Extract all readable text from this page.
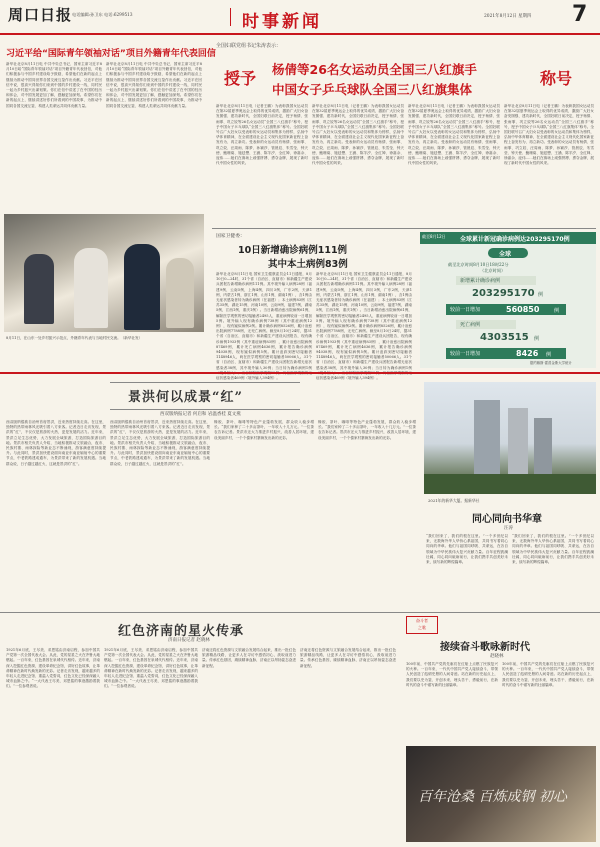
周口日报 电话编辑:孙卫东 电话:6299513	时事新闻	2021年8月12日 星期四 7
习近平给“国际青年领袖对话”项目外籍青年代表回信
新华社北京8月11日电 中共中央总书记、国家主席习近平8月10日给“国际青年领袖对话”项目外籍青年代表回信，对他们积极参与中国乡村建设给予鼓励，希望他们在新的起点上继续为推动中国同世界各国交流互鉴作出贡献。习近平在回信中说，很高兴得知你们来到中国的乡村建设一线，同村民一起为乡村振兴出谋划策。你们在信中讲述了在中国的经历和体会，对中国发展更加了解，感触更加深刻。希望你们在新的起点上，继续讲述好你们所看到的中国故事，为推动中国同各国交流互鉴、构建人类命运共同体贡献力量。
新华社北京8月11日电 中共中央总书记、国家主席习近平8月10日给“国际青年领袖对话”项目外籍青年代表回信，对他们积极参与中国乡村建设给予鼓励，希望他们在新的起点上继续为推动中国同世界各国交流互鉴作出贡献。习近平在回信中说，很高兴得知你们来到中国的乡村建设一线，同村民一起为乡村振兴出谋划策。你们在信中讲述了在中国的经历和体会，对中国发展更加了解，感触更加深刻。希望你们在新的起点上，继续讲述好你们所看到的中国故事，为推动中国同各国交流互鉴、构建人类命运共同体贡献力量。
8月11日，在山东一处乡村振兴示范点，外籍青年代表与当地村民交流。（新华社发）
全国妇联党组书记朱涛表示：
授予 杨倩等26名女运动员全国三八红旗手
中国女子乒乓球队全国三八红旗集体
称号
新华社北京8月11日电（记者王鹏）为表彰我国女运动员在第32届夏季奥运会上取得的优异成绩，激励广大妇女奋发图强、建功新时代，全国妇联日前决定，授予杨倩、张雨霏、巩立姣等26名女运动员“全国三八红旗手”称号，授予中国女子乒乓球队“全国三八红旗集体”称号。全国妇联号召广大妇女以受表彰的女运动员和集体为榜样，弘扬中华体育精神，在全面建设社会主义现代化国家新征程上奋发有为、再立新功。受表彰的女运动员有杨倩、张雨霏、巩立姣、汪周雨、陈梦、孙颖莎、管晨辰、朱雪莹、钟天使、鲍珊菊、施廷懋、王涵、陈芋汐、全红婵、徐嘉余、庞伟……她们在赛场上顽强拼搏、勇夺金牌，展现了新时代中国女性的风采。
新华社北京8月11日电（记者王鹏）为表彰我国女运动员在第32届夏季奥运会上取得的优异成绩，激励广大妇女奋发图强、建功新时代，全国妇联日前决定，授予杨倩、张雨霏、巩立姣等26名女运动员“全国三八红旗手”称号，授予中国女子乒乓球队“全国三八红旗集体”称号。全国妇联号召广大妇女以受表彰的女运动员和集体为榜样，弘扬中华体育精神，在全面建设社会主义现代化国家新征程上奋发有为、再立新功。受表彰的女运动员有杨倩、张雨霏、巩立姣、汪周雨、陈梦、孙颖莎、管晨辰、朱雪莹、钟天使、鲍珊菊、施廷懋、王涵、陈芋汐、全红婵、徐嘉余、庞伟……她们在赛场上顽强拼搏、勇夺金牌，展现了新时代中国女性的风采。
新华社北京8月11日电（记者王鹏）为表彰我国女运动员在第32届夏季奥运会上取得的优异成绩，激励广大妇女奋发图强、建功新时代，全国妇联日前决定，授予杨倩、张雨霏、巩立姣等26名女运动员“全国三八红旗手”称号，授予中国女子乒乓球队“全国三八红旗集体”称号。全国妇联号召广大妇女以受表彰的女运动员和集体为榜样，弘扬中华体育精神，在全面建设社会主义现代化国家新征程上奋发有为、再立新功。受表彰的女运动员有杨倩、张雨霏、巩立姣、汪周雨、陈梦、孙颖莎、管晨辰、朱雪莹、钟天使、鲍珊菊、施廷懋、王涵、陈芋汐、全红婵、徐嘉余、庞伟……她们在赛场上顽强拼搏、勇夺金牌，展现了新时代中国女性的风采。
新华社北京8月11日电（记者王鹏）为表彰我国女运动员在第32届夏季奥运会上取得的优异成绩，激励广大妇女奋发图强、建功新时代，全国妇联日前决定，授予杨倩、张雨霏、巩立姣等26名女运动员“全国三八红旗手”称号，授予中国女子乒乓球队“全国三八红旗集体”称号。全国妇联号召广大妇女以受表彰的女运动员和集体为榜样，弘扬中华体育精神，在全面建设社会主义现代化国家新征程上奋发有为、再立新功。受表彰的女运动员有杨倩、张雨霏、巩立姣、汪周雨、陈梦、孙颖莎、管晨辰、朱雪莹、钟天使、鲍珊菊、施廷懋、王涵、陈芋汐、全红婵、徐嘉余、庞伟……她们在赛场上顽强拼搏、勇夺金牌，展现了新时代中国女性的风采。
国家卫健委：
10日新增确诊病例111例
其中本土病例83例
新华社北京8月11日电 国家卫生健康委员会11日通报，8月10日0—24时，31个省（自治区、直辖市）和新疆生产建设兵团报告新增确诊病例111例。其中境外输入病例28例（福建9例，云南5例，上海4例，四川3例，广东2例，天津1例，内蒙古1例，浙江1例，山东1例，湖南1例），含1例由无症状感染者转为确诊病例（在福建）；本土病例83例（江苏35例，湖北15例，河南10例，云南9例，福建7例，湖南5例，江西1例，重庆1例）。当日新增治愈出院病例61例，解除医学观察的密切接触者2495人，重症病例较前一日增加5例。境外输入现有确诊病例738例（其中重症病例12例），现有疑似病例2例。累计确诊病例8526例，累计治愈出院病例7788例，无死亡病例。截至8月10日24时，据31个省（自治区、直辖市）和新疆生产建设兵团报告，现有确诊病例1933例（其中重症病例83例），累计治愈出院病例87469例，累计死亡病例4636例，累计报告确诊病例94038例，现有疑似病例5例。累计追踪到密切接触者1148946人，尚在医学观察的密切接触者50066人。31个省（自治区、直辖市）和新疆生产建设兵团报告新增无症状感染者38例，其中境外输入30例；当日转为确诊病例1例 症状感染者469例（境外输入394例）。
新华社北京8月11日电 国家卫生健康委员会11日通报，8月10日0—24时，31个省（自治区、直辖市）和新疆生产建设兵团报告新增确诊病例111例。其中境外输入病例28例（福建9例，云南5例，上海4例，四川3例，广东2例，天津1例，内蒙古1例，浙江1例，山东1例，湖南1例），含1例由无症状感染者转为确诊病例（在福建）；本土病例83例（江苏35例，湖北15例，河南10例，云南9例，福建7例，湖南5例，江西1例，重庆1例）。当日新增治愈出院病例61例，解除医学观察的密切接触者2495人，重症病例较前一日增加5例。境外输入现有确诊病例738例（其中重症病例12例），现有疑似病例2例。累计确诊病例8526例，累计治愈出院病例7788例，无死亡病例。截至8月10日24时，据31个省（自治区、直辖市）和新疆生产建设兵团报告，现有确诊病例1933例（其中重症病例83例），累计治愈出院病例87469例，累计死亡病例4636例，累计报告确诊病例94038例，现有疑似病例5例。累计追踪到密切接触者1148946人，尚在医学观察的密切接触者50066人。31个省（自治区、直辖市）和新疆生产建设兵团报告新增无症状感染者38例，其中境外输入30例；当日转为确诊病例1例 症状感染者469例（境外输入394例）。
截至8月12日 全球累计新冠确诊病例达203295170例
全球
截至北京时间8月10日18时22分
（北京时间）
新增累计确诊病例
203295170 例
较前一日增加	560850	例
死亡病例
4303515 例
较前一日增加	8426 例
据约翰斯·霍普金斯大学统计
景洪何以成景“红”
西双版纳报记者 何启和 岩温香桂 夏文燕
西双版纳傣族自治州首府景洪，近来热度持续走高。在这里，独特的热带雨林风光吸引着八方来客。记者近日走访发现，景洪的“红”，不仅仅是旅游的火热，更是发展的活力。近年来，景洪立足生态优势，大力发展全域旅游，打造国际旅游目的地。景洪市相关负责人介绍，当地积极推动文旅融合，夜市、民族村寨、雨林探险等新业态不断涌现，游客满意度持续提升。与此同时，景洪加快建设面向南亚东南亚辐射中心的重要节点，中老铁路建成通车，为景洪带来了新的发展机遇。当地群众说，日子越过越红火，这就是景洪的“红”。
西双版纳傣族自治州首府景洪，近来热度持续走高。在这里，独特的热带雨林风光吸引着八方来客。记者近日走访发现，景洪的“红”，不仅仅是旅游的火热，更是发展的活力。近年来，景洪立足生态优势，大力发展全域旅游，打造国际旅游目的地。景洪市相关负责人介绍，当地积极推动文旅融合，夜市、民族村寨、雨林探险等新业态不断涌现，游客满意度持续提升。与此同时，景洪加快建设面向南亚东南亚辐射中心的重要节点，中老铁路建成通车，为景洪带来了新的发展机遇。当地群众说，日子越过越红火，这就是景洪的“红”。
橡胶、茶叶、咖啡等特色产业蓬勃发展，群众收入稳步增长。“我们家种了二十多亩茶叶，一年收入十几万元。”一位茶农告诉记者。景洪市还大力推进乡村振兴，改善人居环境，建设美丽乡村，一个个傣家村寨焕发出新的光彩。
橡胶、茶叶、咖啡等特色产业蓬勃发展，群众收入稳步增长。“我们家种了二十多亩茶叶，一年收入十几万元。”一位茶农告诉记者。景洪市还大力推进乡村振兴，改善人居环境，建设美丽乡村，一个个傣家村寨焕发出新的光彩。
2021年的新华大厦。据新华社
同心同向书华章
汪涛
“我们回来了，我们的根在这里。”一个多世纪以来，无数海外华人华侨心系祖国，共同书写着同心同向的华章。他们与祖国同呼吸、共命运，在各自领域为中华民族伟大复兴贡献力量。百年征程波澜壮阔，同心同向砥砺前行，让我们携手共创美好未来，续写新的辉煌篇章。
“我们回来了，我们的根在这里。”一个多世纪以来，无数海外华人华侨心系祖国，共同书写着同心同向的华章。他们与祖国同呼吸、共命运，在各自领域为中华民族伟大复兴贡献力量。百年征程波澜壮阔，同心同向砥砺前行，让我们携手共创美好未来，续写新的辉煌篇章。
红色济南的星火传承
济南日报记者 赵晓林
1921年6月底，王尽美、邓恩铭由济南启程，参加中国共产党第一次全国代表大会。从此，党的星星之火在齐鲁大地燃起。一百年来，红色基因在泉城代代相传。近年来，济南深入挖掘红色资源，建设革命纪念馆，讲好红色故事，让革命精神在新时代焕发新的光彩。记者走访发现，越来越多的年轻人走进纪念馆、重温入党誓词，红色文化已经深深融入城市血脉之中。“一大代表王尽美、邓恩铭的事迹激励着我们。”一位参观者说。
1921年6月底，王尽美、邓恩铭由济南启程，参加中国共产党第一次全国代表大会。从此，党的星星之火在齐鲁大地燃起。一百年来，红色基因在泉城代代相传。近年来，济南深入挖掘红色资源，建设革命纪念馆，讲好红色故事，让革命精神在新时代焕发新的光彩。记者走访发现，越来越多的年轻人走进纪念馆、重温入党誓词，红色文化已经深深融入城市血脉之中。“一大代表王尽美、邓恩铭的事迹激励着我们。”一位参观者说。
济南还将红色资源与文旅融合发展结合起来，推出一批红色旅游精品线路，让更多人在寻访中感悟初心，汲取前进力量。传承红色基因，赓续精神血脉，济南正以昂扬姿态奋进新征程。
济南还将红色资源与文旅融合发展结合起来，推出一批红色旅游精品线路，让更多人在寻访中感悟初心，汲取前进力量。传承红色基因，赓续精神血脉，济南正以昂扬姿态奋进新征程。
奋斗者
之歌
接续奋斗歌咏新时代
赵晓林
100年前，中国共产党的先驱们在红船上点燃了民族复兴的火种。一百年来，一代代中国共产党人接续奋斗，带领人民创造了彪炳史册的人间奇迹。站在新的历史起点上，我们要以史为鉴、开创未来，埋头苦干、勇毅前行，在新时代的奋斗中谱写新的壮丽篇章。
100年前，中国共产党的先驱们在红船上点燃了民族复兴的火种。一百年来，一代代中国共产党人接续奋斗，带领人民创造了彪炳史册的人间奇迹。站在新的历史起点上，我们要以史为鉴、开创未来，埋头苦干、勇毅前行，在新时代的奋斗中谱写新的壮丽篇章。
百年沧桑 百炼成钢 初心
